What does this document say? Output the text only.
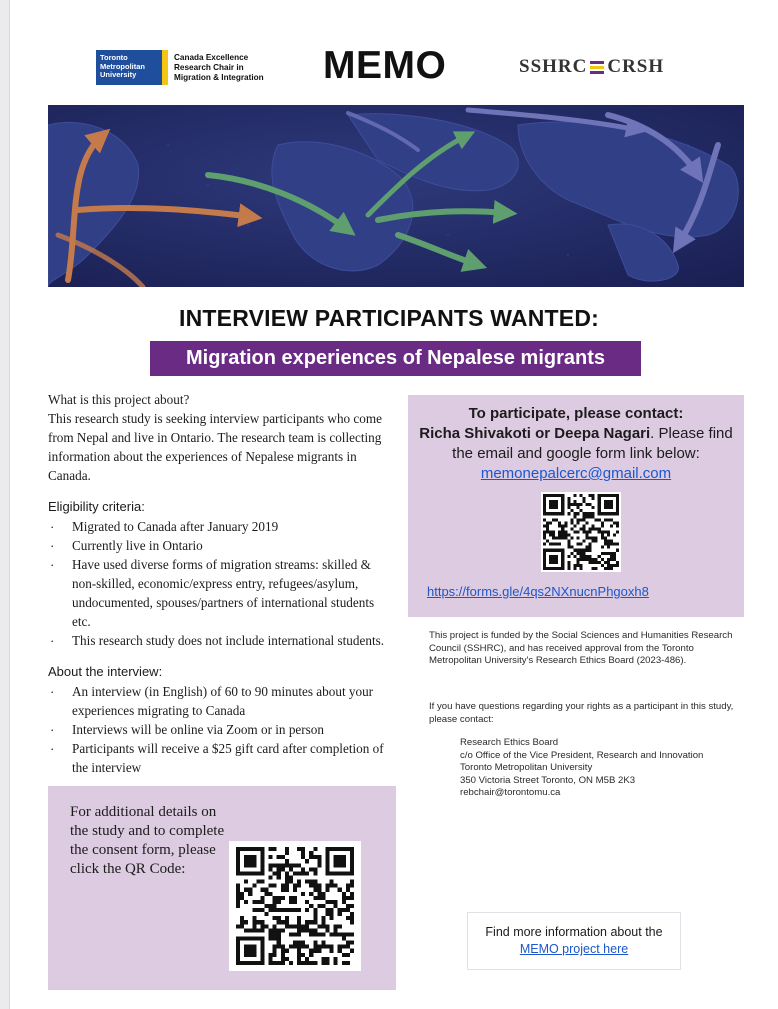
Toronto
Metropolitan
University
Canada Excellence
Research Chair in
Migration & Integration MEMO	SSHRC CRSH
INTERVIEW PARTICIPANTS WANTED:
Migration experiences of Nepalese migrants
What is this project about?
This research study is seeking interview participants who come from Nepal and live in Ontario. The research team is collecting information about the experiences of Nepalese migrants in Canada.
Eligibility criteria:
· Migrated to Canada after January 2019
· Currently live in Ontario
· Have used diverse forms of migration streams: skilled & non-skilled, economic/express entry, refugees/asylum, undocumented, spouses/partners of international students etc.
· This research study does not include international students.
About the interview:
· An interview (in English) of 60 to 90 minutes about your experiences migrating to Canada
· Interviews will be online via Zoom or in person
· Participants will receive a $25 gift card after completion of the interview
For additional details on the study and to complete the consent form, please click the QR Code:
To participate, please contact:
Richa Shivakoti or Deepa Nagari. Please find the email and google form link below:
memonepalcerc@gmail.com
https://forms.gle/4qs2NXnucnPhgoxh8
This project is funded by the Social Sciences and Humanities Research Council (SSHRC), and has received approval from the Toronto Metropolitan University's Research Ethics Board (2023-486).
If you have questions regarding your rights as a participant in this study, please contact:
Research Ethics Board
c/o Office of the Vice President, Research and Innovation
Toronto Metropolitan University
350 Victoria Street Toronto, ON M5B 2K3
rebchair@torontomu.ca
Find more information about the
MEMO project here
